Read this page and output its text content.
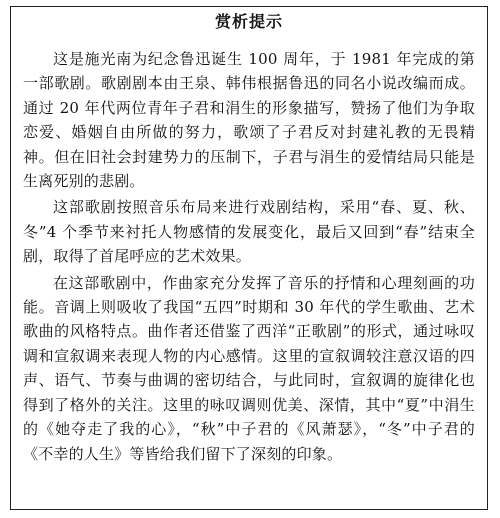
赏析提示

这是施光南为纪念鲁迅诞生 100 周年，于 1981 年完成的第一部歌剧。歌剧剧本由王泉、韩伟根据鲁迅的同名小说改编而成。通过 20 年代两位青年子君和涓生的形象描写，赞扬了他们为争取恋爱、婚姻自由所做的努力，歌颂了子君反对封建礼教的无畏精神。但在旧社会封建势力的压制下，子君与涓生的爱情结局只能是生离死别的悲剧。

这部歌剧按照音乐布局来进行戏剧结构，采用“春、夏、秋、冬”4 个季节来衬托人物感情的发展变化，最后又回到“春”结束全剧，取得了首尾呼应的艺术效果。

在这部歌剧中，作曲家充分发挥了音乐的抒情和心理刻画的功能。音调上则吸收了我国“五四”时期和 30 年代的学生歌曲、艺术歌曲的风格特点。曲作者还借鉴了西洋“正歌剧”的形式，通过咏叹调和宣叙调来表现人物的内心感情。这里的宣叙调较注意汉语的四声、语气、节奏与曲调的密切结合，与此同时，宣叙调的旋律化也得到了格外的关注。这里的咏叹调则优美、深情，其中“夏”中涓生的《她夺走了我的心》，“秋”中子君的《风萧瑟》，“冬”中子君的《不幸的人生》等皆给我们留下了深刻的印象。
